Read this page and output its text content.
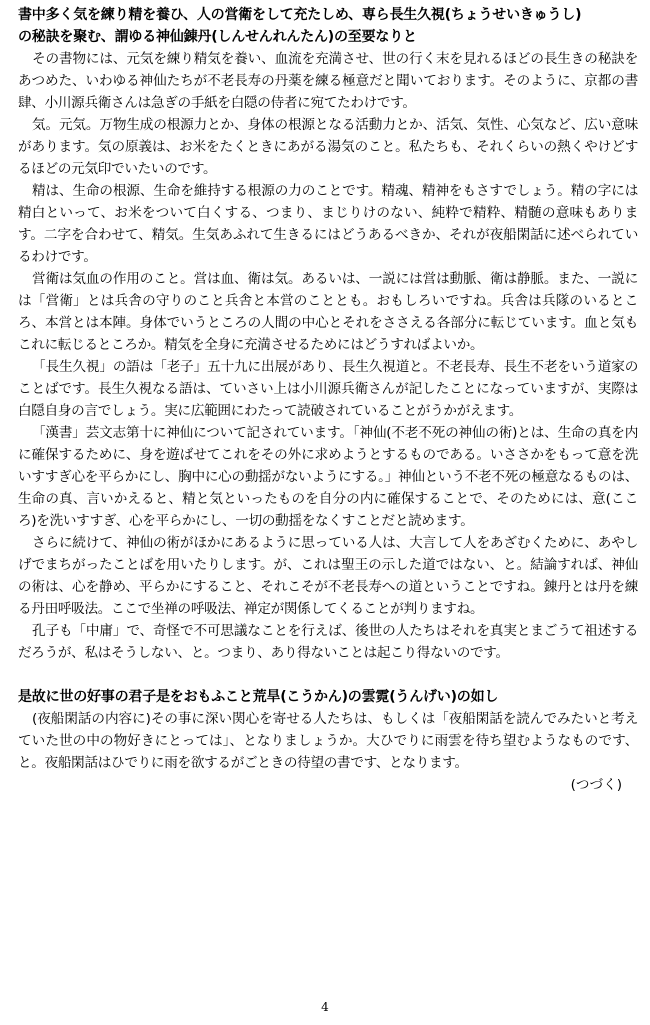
書中多く気を練り精を養ひ、人の営衛をして充たしめ、専ら長生久視(ちょうせいきゅうし)
の秘訣を聚む、謂ゆる神仙錬丹(しんせんれんたん)の至要なりと

その書物には、元気を練り精気を養い、血流を充満させ、世の行く末を見れるほどの長生きの秘訣をあつめた、いわゆる神仙たちが不老長寿の丹薬を練る極意だと聞いております。そのように、京都の書肆、小川源兵衛さんは急ぎの手紙を白隠の侍者に宛てたわけです。

気。元気。万物生成の根源力とか、身体の根源となる活動力とか、活気、気性、心気など、広い意味があります。気の原義は、お米をたくときにあがる湯気のこと。私たちも、それくらいの熱くやけどするほどの元気印でいたいのです。

精は、生命の根源、生命を維持する根源の力のことです。精魂、精神をもさすでしょう。精の字には精白といって、お米をついて白くする、つまり、まじりけのない、純粋で精粋、精髄の意味もあります。二字を合わせて、精気。生気あふれて生きるにはどうあるべきか、それが夜船閑話に述べられているわけです。

営衛は気血の作用のこと。営は血、衛は気。あるいは、一説には営は動脈、衛は静脈。また、一説には「営衛」とは兵舎の守りのこと兵舎と本営のこととも。おもしろいですね。兵舎は兵隊のいるところ、本営とは本陣。身体でいうところの人間の中心とそれをささえる各部分に転じています。血と気もこれに転じるところか。精気を全身に充満させるためにはどうすればよいか。

「長生久視」の語は「老子」五十九に出展があり、長生久視道と。不老長寿、長生不老をいう道家のことばです。長生久視なる語は、ていさい上は小川源兵衛さんが記したことになっていますが、実際は白隠自身の言でしょう。実に広範囲にわたって読破されていることがうかがえます。

「漢書」芸文志第十に神仙について記されています。「神仙(不老不死の神仙の術)とは、生命の真を内に確保するために、身を遊ばせてこれをその外に求めようとするものである。いささかをもって意を洗いすすぎ心を平らかにし、胸中に心の動揺がないようにする。」神仙という不老不死の極意なるものは、生命の真、言いかえると、精と気といったものを自分の内に確保することで、そのためには、意(こころ)を洗いすすぎ、心を平らかにし、一切の動揺をなくすことだと読めます。

さらに続けて、神仙の術がほかにあるように思っている人は、大言して人をあざむくために、あやしげでまちがったことばを用いたりします。が、これは聖王の示した道ではない、と。結論すれば、神仙の術は、心を静め、平らかにすること、それこそが不老長寿への道ということですね。錬丹とは丹を練る丹田呼吸法。ここで坐禅の呼吸法、禅定が関係してくることが判りますね。

孔子も「中庸」で、奇怪で不可思議なことを行えば、後世の人たちはそれを真実とまごうて祖述するだろうが、私はそうしない、と。つまり、あり得ないことは起こり得ないのです。

是故に世の好事の君子是をおもふこと荒旱(こうかん)の雲霓(うんげい)の如し

(夜船閑話の内容に)その事に深い関心を寄せる人たちは、もしくは「夜船閑話を読んでみたいと考えていた世の中の物好きにとっては」、となりましょうか。大ひでりに雨雲を待ち望むようなものです、と。夜船閑話はひでりに雨を欲するがごときの待望の書です、となります。

(つづく)

4
